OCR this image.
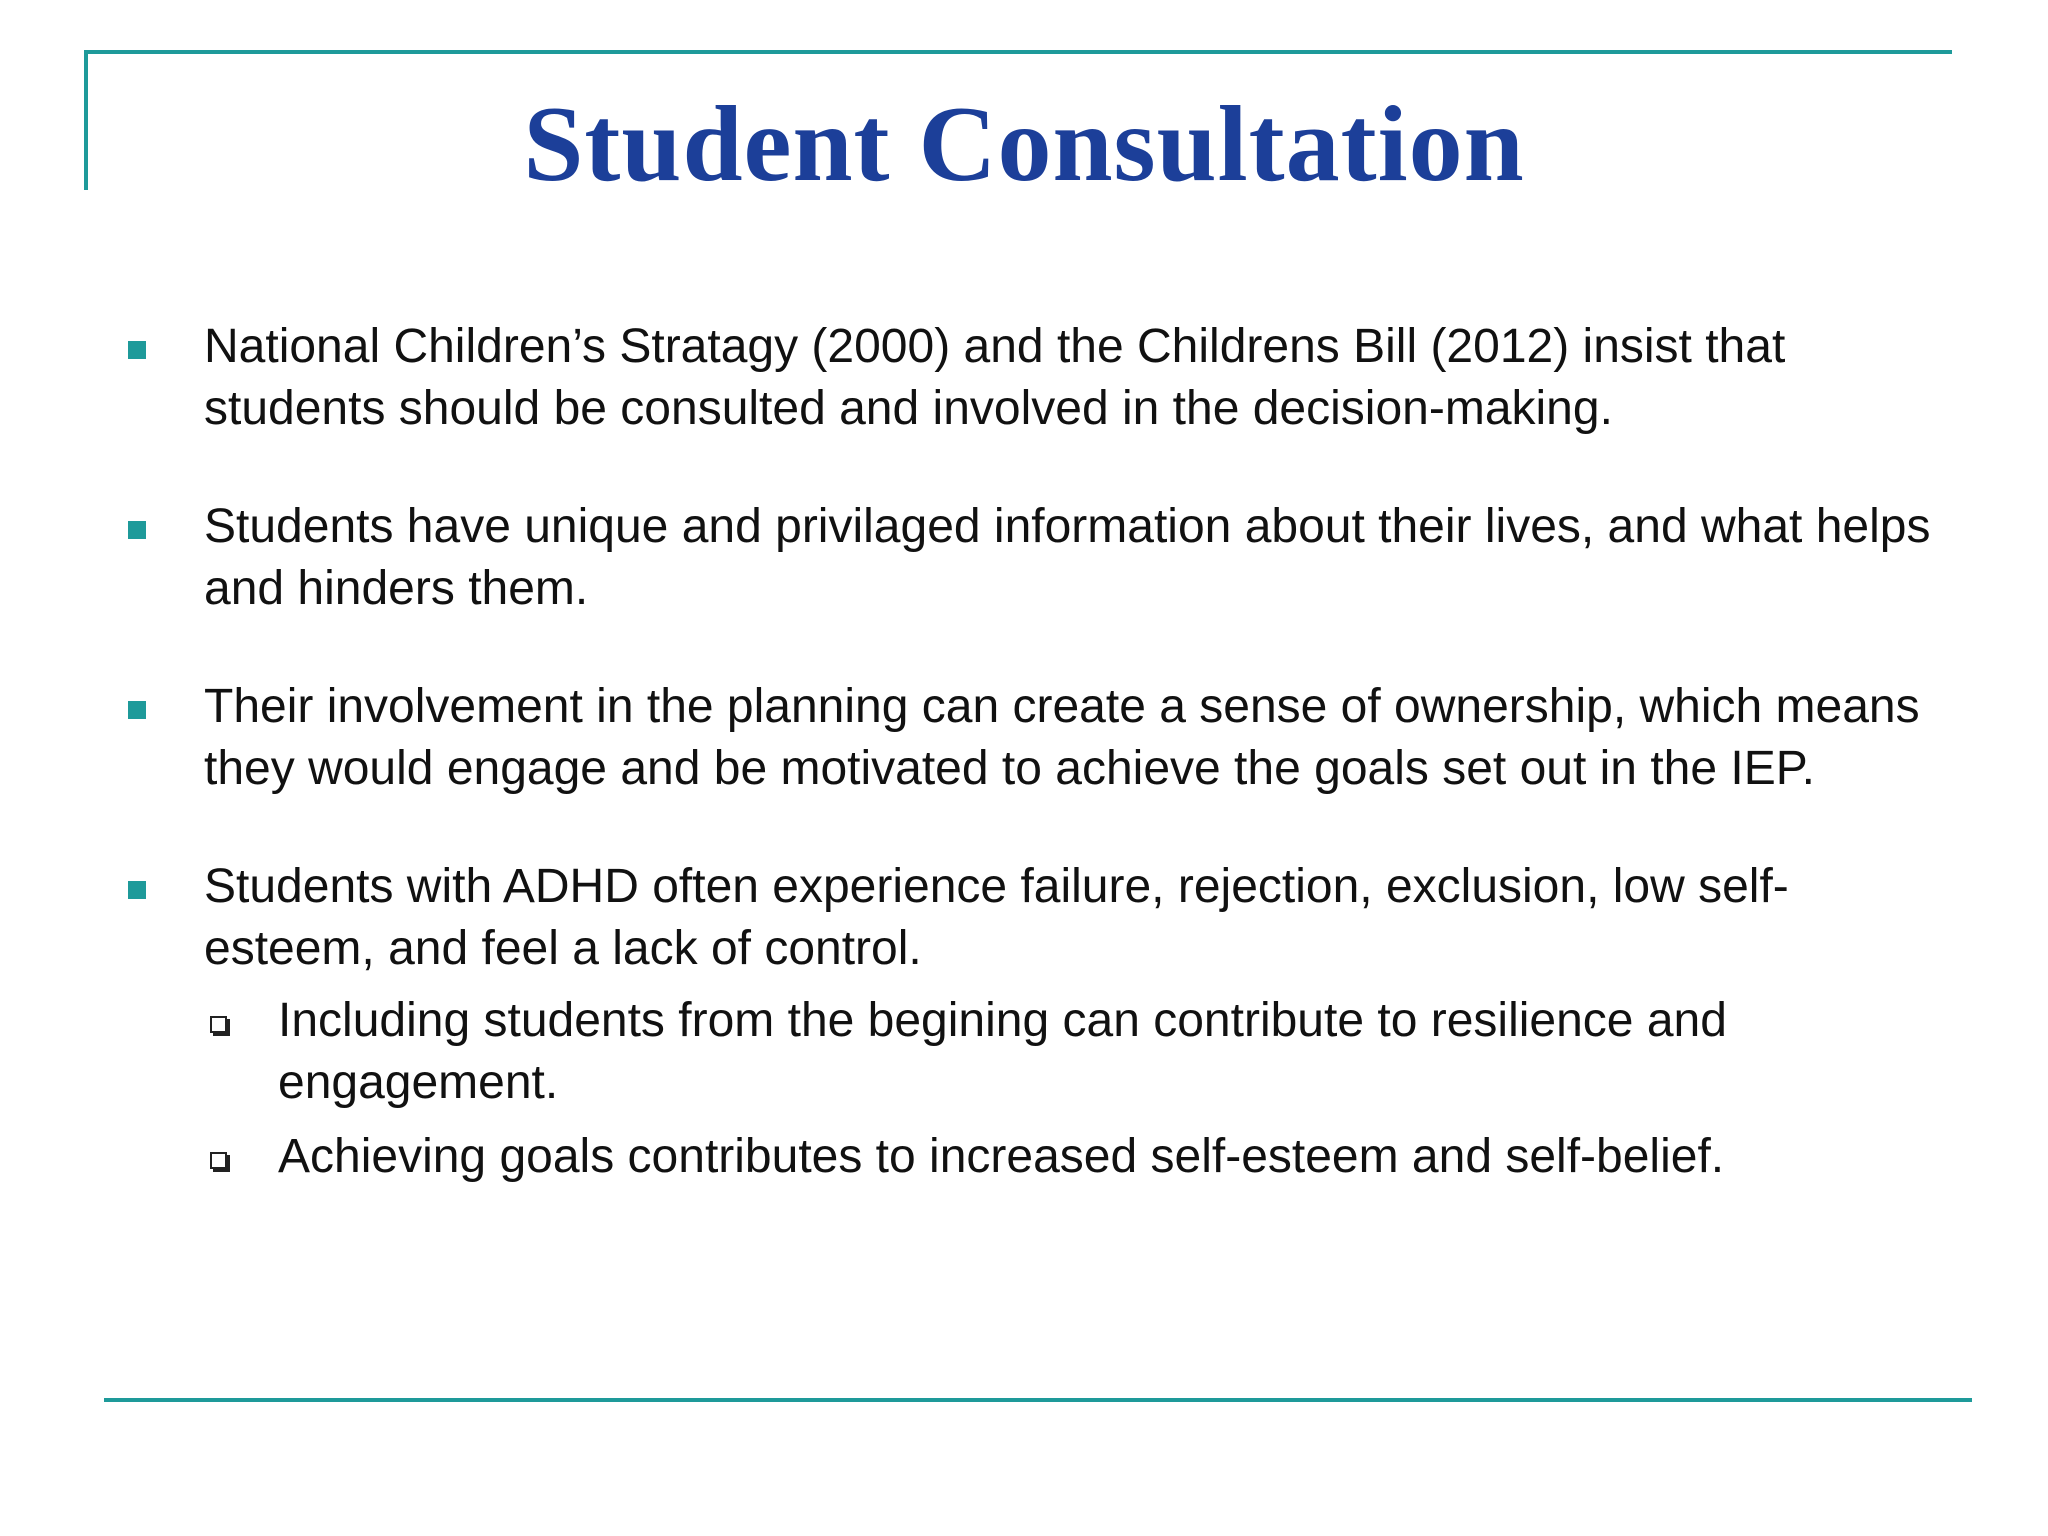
Student Consultation
National Children’s Stratagy (2000) and the Childrens Bill (2012) insist that students should be consulted and involved in the decision-making.
Students have unique and privilaged information about their lives, and what helps and hinders them.
Their involvement in the planning can create a sense of ownership, which means they would engage and be motivated to achieve the goals set out in the IEP.
Students with ADHD often experience failure, rejection, exclusion, low self-esteem, and feel a lack of control.
Including students from the begining can contribute to resilience and engagement.
Achieving goals contributes to increased self-esteem and self-belief.
